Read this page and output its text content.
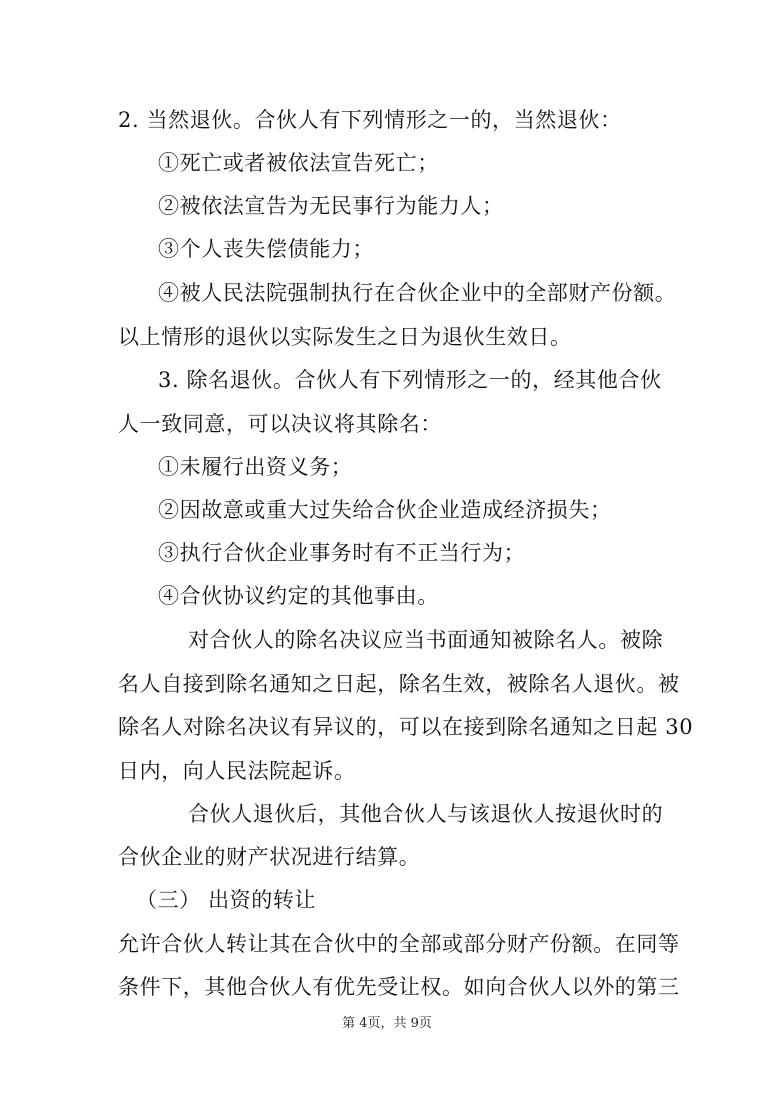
2. 当然退伙。合伙人有下列情形之一的，当然退伙：
①死亡或者被依法宣告死亡；
②被依法宣告为无民事行为能力人；
③个人丧失偿债能力；
④被人民法院强制执行在合伙企业中的全部财产份额。
以上情形的退伙以实际发生之日为退伙生效日。
3. 除名退伙。合伙人有下列情形之一的，经其他合伙
人一致同意，可以决议将其除名：
①未履行出资义务；
②因故意或重大过失给合伙企业造成经济损失；
③执行合伙企业事务时有不正当行为；
④合伙协议约定的其他事由。
对合伙人的除名决议应当书面通知被除名人。被除
名人自接到除名通知之日起，除名生效，被除名人退伙。被
除名人对除名决议有异议的，可以在接到除名通知之日起 30
日内，向人民法院起诉。
合伙人退伙后，其他合伙人与该退伙人按退伙时的
合伙企业的财产状况进行结算。
（三） 出资的转让
允许合伙人转让其在合伙中的全部或部分财产份额。在同等
条件下，其他合伙人有优先受让权。如向合伙人以外的第三
第 4页，共 9页
